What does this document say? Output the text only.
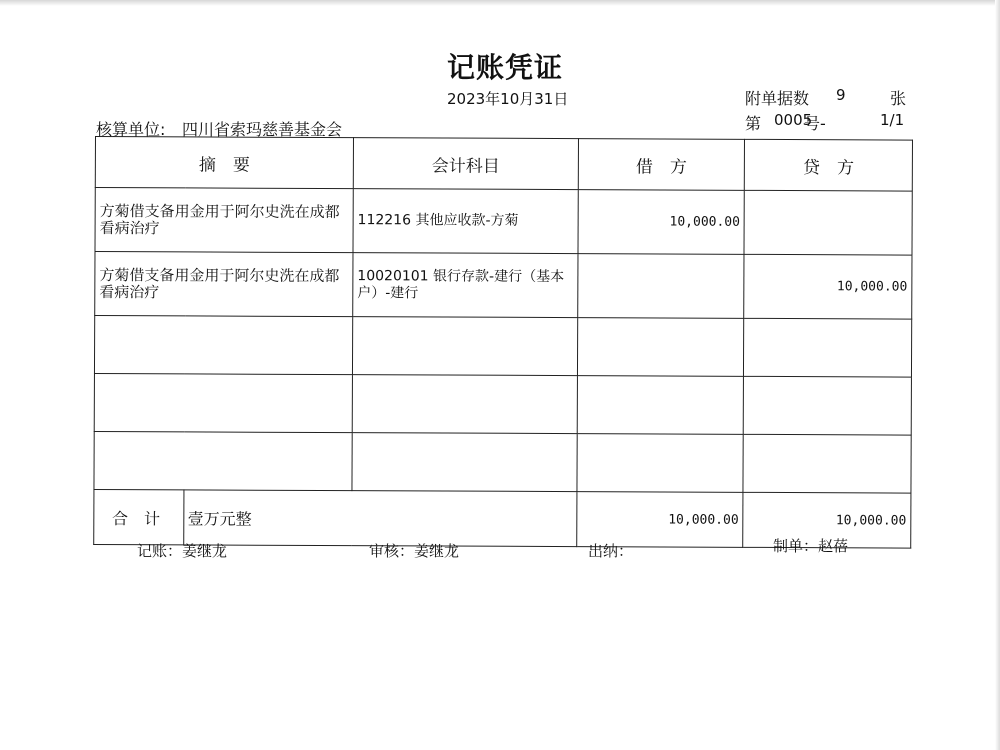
记账凭证
2023年10月31日	附单据数 9	张
第 0005
号-	1/1
核算单位: 四川省索玛慈善基金会
摘　要		会计科目	借　方	贷　方
方菊借支备用金用于阿尔史洗在成都看病治疗		112216 其他应收款-方菊	10,000.00	
方菊借支备用金用于阿尔史洗在成都看病治疗		10020101 银行存款-建行（基本户）-建行		10,000.00

合计	壹万元整		10,000.00	10,000.00
记账：姜继龙	审核：姜继龙	出纳：	制单：赵蓓
